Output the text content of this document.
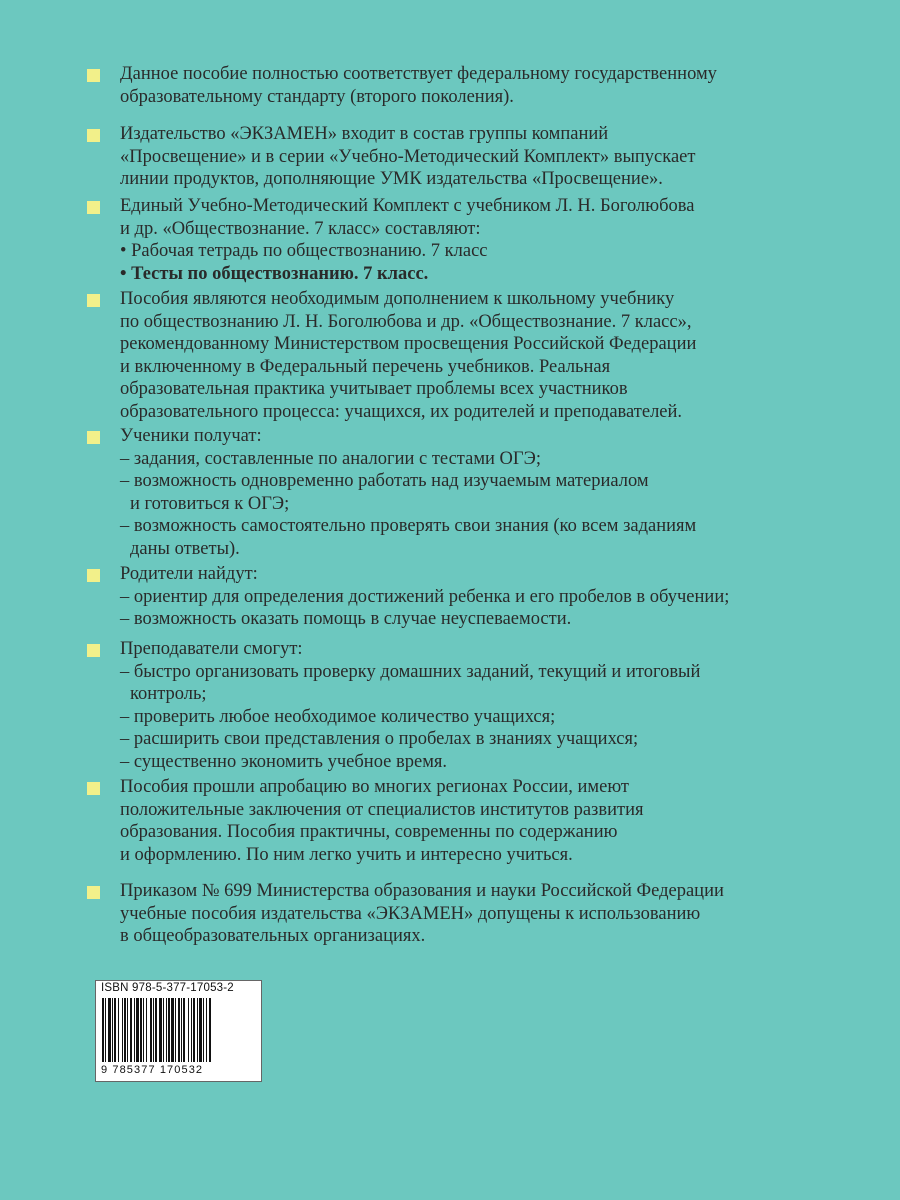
Данное пособие полностью соответствует федеральному государственному
образовательному стандарту (второго поколения).
Издательство «ЭКЗАМЕН» входит в состав группы компаний
«Просвещение» и в серии «Учебно-Методический Комплект» выпускает
линии продуктов, дополняющие УМК издательства «Просвещение».
Единый Учебно-Методический Комплект с учебником Л. Н. Боголюбова
и др. «Обществознание. 7 класс» составляют:
• Рабочая тетрадь по обществознанию. 7 класс
• Тесты по обществознанию. 7 класс.
Пособия являются необходимым дополнением к школьному учебнику
по обществознанию Л. Н. Боголюбова и др. «Обществознание. 7 класс»,
рекомендованному Министерством просвещения Российской Федерации
и включенному в Федеральный перечень учебников. Реальная
образовательная практика учитывает проблемы всех участников
образовательного процесса: учащихся, их родителей и преподавателей.
Ученики получат:
– задания, составленные по аналогии с тестами ОГЭ;
– возможность одновременно работать над изучаемым материалом
и готовиться к ОГЭ;
– возможность самостоятельно проверять свои знания (ко всем заданиям
даны ответы).
Родители найдут:
– ориентир для определения достижений ребенка и его пробелов в обучении;
– возможность оказать помощь в случае неуспеваемости.
Преподаватели смогут:
– быстро организовать проверку домашних заданий, текущий и итоговый
контроль;
– проверить любое необходимое количество учащихся;
– расширить свои представления о пробелах в знаниях учащихся;
– существенно экономить учебное время.
Пособия прошли апробацию во многих регионах России, имеют
положительные заключения от специалистов институтов развития
образования. Пособия практичны, современны по содержанию
и оформлению. По ним легко учить и интересно учиться.
Приказом № 699 Министерства образования и науки Российской Федерации
учебные пособия издательства «ЭКЗАМЕН» допущены к использованию
в общеобразовательных организациях.
ISBN 978-5-377-17053-2
9 785377 170532
